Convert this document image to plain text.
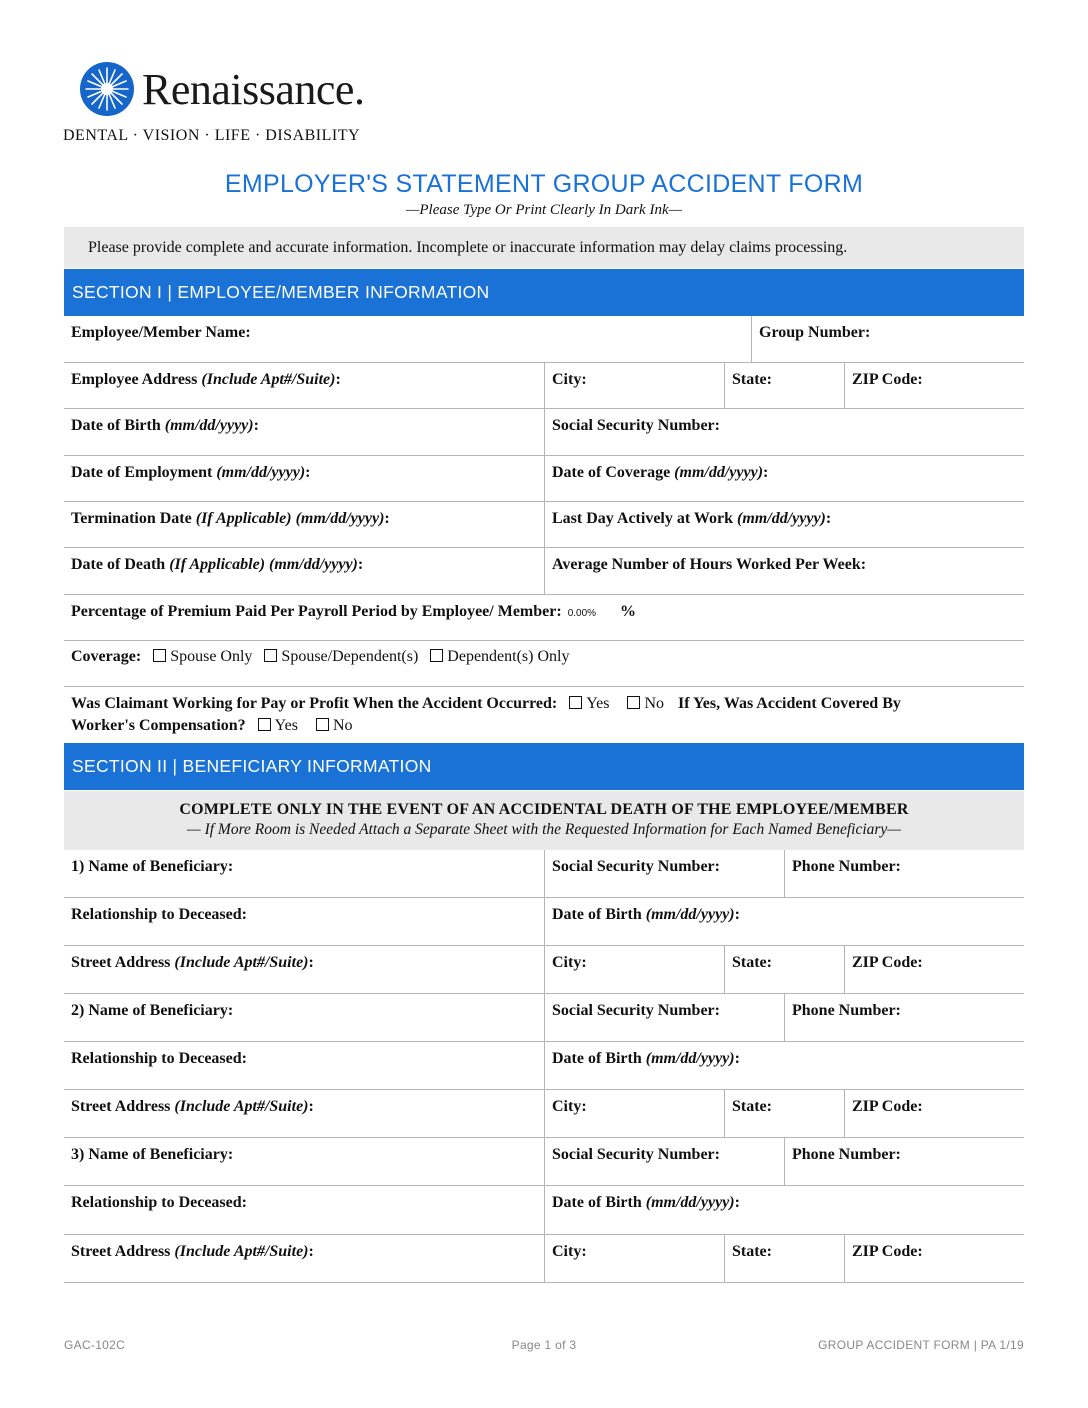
Renaissance.
DENTAL · VISION · LIFE · DISABILITY
EMPLOYER'S STATEMENT GROUP ACCIDENT FORM
—Please Type Or Print Clearly In Dark Ink—
Please provide complete and accurate information. Incomplete or inaccurate information may delay claims processing.
SECTION I | EMPLOYEE/MEMBER INFORMATION
Employee/Member Name:	Group Number:
Employee Address (Include Apt#/Suite):	City:	State:	ZIP Code:
Date of Birth (mm/dd/yyyy):	Social Security Number:
Date of Employment (mm/dd/yyyy):	Date of Coverage (mm/dd/yyyy):
Termination Date (If Applicable) (mm/dd/yyyy):	Last Day Actively at Work (mm/dd/yyyy):
Date of Death (If Applicable) (mm/dd/yyyy):	Average Number of Hours Worked Per Week:
Percentage of Premium Paid Per Payroll Period by Employee/ Member: 0.00% %
Coverage: Spouse Only Spouse/Dependent(s) Dependent(s) Only
Was Claimant Working for Pay or Profit When the Accident Occurred: Yes No If Yes, Was Accident Covered By
Worker's Compensation? Yes No
SECTION II | BENEFICIARY INFORMATION
COMPLETE ONLY IN THE EVENT OF AN ACCIDENTAL DEATH OF THE EMPLOYEE/MEMBER
— If More Room is Needed Attach a Separate Sheet with the Requested Information for Each Named Beneficiary—
1) Name of Beneficiary:	Social Security Number:	Phone Number:
Relationship to Deceased:	Date of Birth (mm/dd/yyyy):
Street Address (Include Apt#/Suite):	City:	State:	ZIP Code:
2) Name of Beneficiary:	Social Security Number:	Phone Number:
Relationship to Deceased:	Date of Birth (mm/dd/yyyy):
Street Address (Include Apt#/Suite):	City:	State:	ZIP Code:
3) Name of Beneficiary:	Social Security Number:	Phone Number:
Relationship to Deceased:	Date of Birth (mm/dd/yyyy):
Street Address (Include Apt#/Suite):	City:	State:	ZIP Code:
GAC-102C	Page 1 of 3	GROUP ACCIDENT FORM | PA 1/19
